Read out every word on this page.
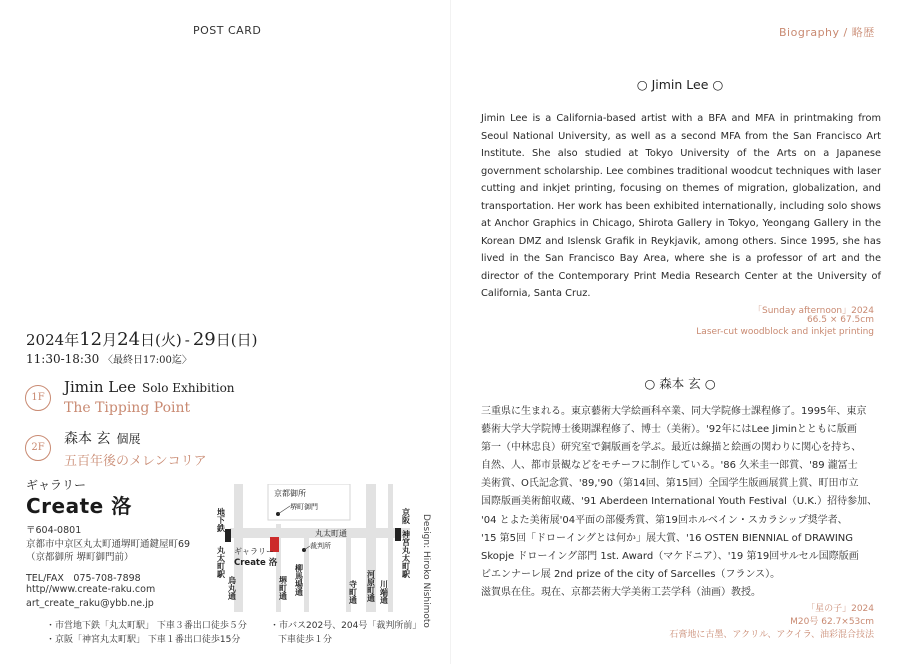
POST CARD	Biography / 略歴
2024年12月24日(火) - 29日(日)
11:30-18:30 〈最終日17:00迄〉
1F
Jimin Lee Solo Exhibition
The Tipping Point
2F
森本 玄 個展
五百年後のメレンコリア
ギャラリー
Create 洛
〒604-0801
京都市中京区丸太町通堺町通鍵屋町69
（京都御所 堺町御門前）
TEL/FAX　075-708-7898
http//www.create-raku.com
art_create_raku@ybb.ne.jp
・市営地下鉄「丸太町駅」 下車３番出口徒歩５分
・京阪「神宮丸太町駅」 下車１番出口徒歩15分
・市バス202号、204号「裁判所前」
下車徒歩１分
京都御所
堺町御門
丸太町通
裁判所
ギャラリー
Create 洛
地下鉄
丸太町駅
京阪
神宮丸太町駅
烏丸通	堺町通 柳馬場通	寺町通 河原町通 川端通	Design: Hiroko Nishimoto
○ Jimin Lee ○
Jimin Lee is a California-based artist with a BFA and MFA in printmaking from Seoul National University, as well as a second MFA from the San Francisco Art Institute. She also studied at Tokyo University of the Arts on a Japanese government scholarship. Lee combines traditional woodcut techniques with laser cutting and inkjet printing, focusing on themes of migration, globalization, and transportation. Her work has been exhibited internationally, including solo shows at Anchor Graphics in Chicago, Shirota Gallery in Tokyo, Yeongang Gallery in the Korean DMZ and Islensk Grafik in Reykjavik, among others. Since 1995, she has lived in the San Francisco Bay Area, where she is a professor of art and the director of the Contemporary Print Media Research Center at the University of California, Santa Cruz.
「Sunday afternoon」2024
66.5 × 67.5cm
Laser-cut woodblock and inkjet printing
○ 森本 玄 ○
三重県に生まれる。東京藝術大学絵画科卒業、同大学院修士課程修了。1995年、東京
藝術大学大学院博士後期課程修了、博士（美術）。'92年にはLee Jiminとともに版画
第一（中林忠良）研究室で銅版画を学ぶ。最近は線描と絵画の関わりに関心を持ち、
自然、人、都市景観などをモチーフに制作している。'86 久米圭一郎賞、'89 瀧冨士
美術賞、O氏記念賞、'89,'90（第14回、第15回）全国学生版画展賞上賞、町田市立
国際版画美術館収蔵、'91 Aberdeen International Youth Festival（U.K.）招待参加、
'04 とよた美術展'04平面の部優秀賞、第19回ホルベイン・スカラシップ奨学者、
'15 第5回「ドローイングとは何か」展大賞、'16 OSTEN BIENNIAL of DRAWING
Skopje ドローイング部門 1st. Award（マケドニア）、'19 第19回サルセル国際版画
ビエンナーレ展 2nd prize of the city of Sarcelles（フランス）。
滋賀県在住。現在、京都芸術大学美術工芸学科（油画）教授。
「星の子」2024
M20号 62.7×53cm
石膏地に古墨、アクリル、アクイラ、油彩混合技法
